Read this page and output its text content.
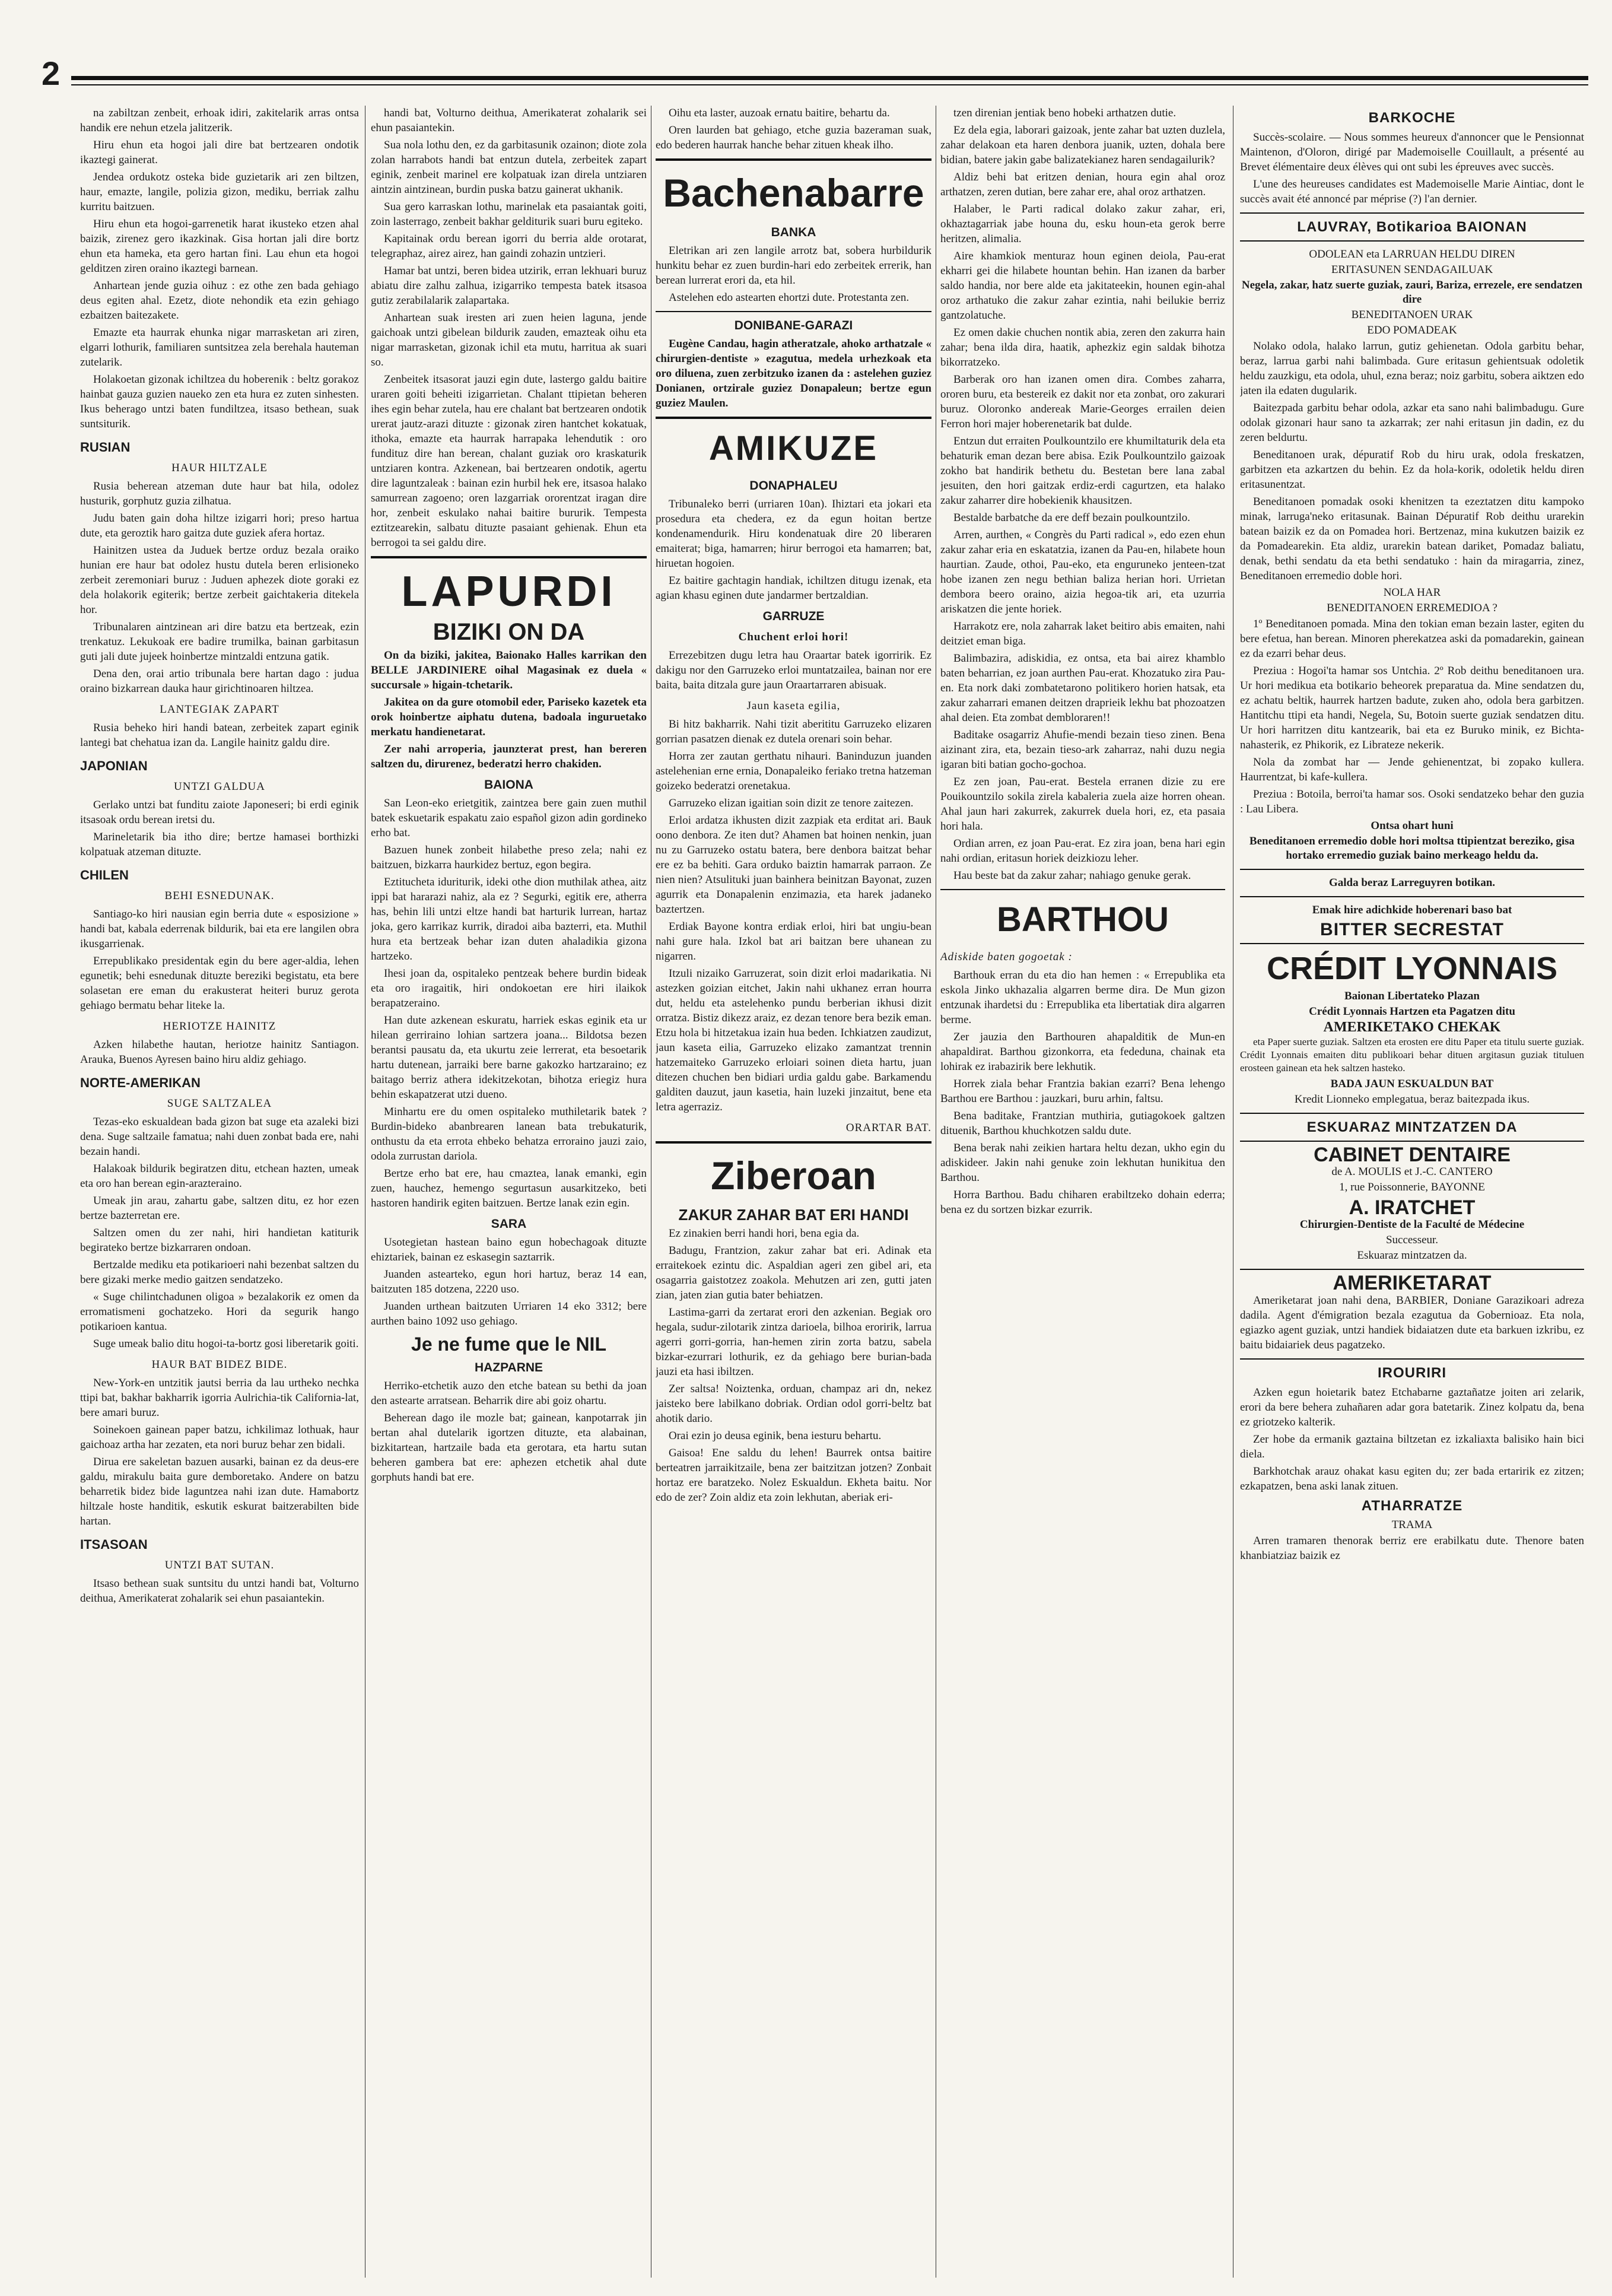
2

na zabiltzan zenbeit, erhoak idiri, zakitelarik arras ontsa handik ere nehun etzela jalitzerik.

Hiru ehun eta hogoi jali dire bat bertzearen ondotik ikaztegi gainerat.

Jendea ordukotz osteka bide guzietarik ari zen biltzen, haur, emazte, langile, polizia gizon, mediku, berriak zalhu kurritu baitzuen.

Hiru ehun eta hogoi-garrenetik harat ikusteko etzen ahal baizik, zirenez gero ikazkinak. Gisa hortan jali dire bortz ehun eta hameka, eta gero hartan fini. Lau ehun eta hogoi gelditzen ziren oraino ikaztegi barnean.

Anhartean jende guzia oihuz : ez othe zen bada gehiago deus egiten ahal. Ezetz, diote nehondik eta ezin gehiago ezbaitzen baitezakete.

Emazte eta haurrak ehunka nigar marrasketan ari ziren, elgarri lothurik, familiaren suntsitzea zela berehala hauteman zutelarik.

Holakoetan gizonak ichiltzea du hoberenik : beltz gorakoz hainbat gauza guzien naueko zen eta hura ez zuten sinhesten. Ikus beherago untzi baten fundiltzea, itsaso bethean, suak suntsiturik.

RUSIAN
HAUR HILTZALE

Rusia beherean atzeman dute haur bat hila, odolez husturik, gorphutz guzia zilhatua.

Judu baten gain doha hiltze izigarri hori; preso hartua dute, eta geroztik haro gaitza dute guziek afera hortaz.

Hainitzen ustea da Juduek bertze orduz bezala oraiko hunian ere haur bat odolez hustu dutela beren erlisioneko zerbeit zeremoniari buruz : Juduen aphezek diote goraki ez dela holakorik egiterik; bertze zerbeit gaichtakeria ditekela hor.

Tribunalaren aintzinean ari dire batzu eta bertzeak, ezin trenkatuz. Lekukoak ere badire trumilka, bainan garbitasun guti jali dute jujeek hoinbertze mintzaldi entzuna gatik.

Dena den, orai artio tribunala bere hartan dago : judua oraino bizkarrean dauka haur girichtinoaren hiltzea.

LANTEGIAK ZAPART

Rusia beheko hiri handi batean, zerbeitek zapart eginik lantegi bat chehatua izan da. Langile hainitz galdu dire.

JAPONIAN
UNTZI GALDUA

Gerlako untzi bat funditu zaiote Japoneseri; bi erdi eginik itsasoak ordu berean iretsi du.

Marineletarik bia itho dire; bertze hamasei borthizki kolpatuak atzeman dituzte.

CHILEN
BEHI ESNEDUNAK.

Santiago-ko hiri nausian egin berria dute « esposizione » handi bat, kabala ederrenak bildurik, bai eta ere langilen obra ikusgarrienak.

Errepublikako presidentak egin du bere ager-aldia, lehen egunetik; behi esnedunak dituzte bereziki begistatu, eta bere solasetan ere eman du erakusterat heiteri buruz gerota gehiago bermatu behar liteke la.

HERIOTZE HAINITZ

Azken hilabethe hautan, heriotze hainitz Santiagon. Arauka, Buenos Ayresen baino hiru aldiz gehiago.

NORTE-AMERIKAN
SUGE SALTZALEA

Tezas-eko eskualdean bada gizon bat suge eta azaleki bizi dena. Suge saltzaile famatua; nahi duen zonbat bada ere, nahi bezain handi.

Halakoak bildurik begiratzen ditu, etchean hazten, umeak eta oro han berean egin-arazteraino.

Umeak jin arau, zahartu gabe, saltzen ditu, ez hor ezen bertze bazterretan ere.

Saltzen omen du zer nahi, hiri handietan katiturik begirateko bertze bizkarraren ondoan.

Bertzalde mediku eta potikarioeri nahi bezenbat saltzen du bere gizaki merke medio gaitzen sendatzeko.

« Suge chilintchadunen oligoa » bezalakorik ez omen da erromatismeni gochatzeko. Hori da segurik hango potikarioen kantua.

Suge umeak balio ditu hogoi-ta-bortz gosi liberetarik goiti.

HAUR BAT BIDEZ BIDE.

New-York-en untzitik jautsi berria da lau urtheko nechka ttipi bat, bakhar bakharrik igorria Aulrichia-tik California-lat, bere amari buruz.

Soinekoen gainean paper batzu, ichkilimaz lothuak, haur gaichoaz artha har zezaten, eta nori buruz behar zen bidali.

Dirua ere sakeletan bazuen ausarki, bainan ez da deus-ere galdu, mirakulu baita gure demboretako. Andere on batzu beharretik bidez bide laguntzea nahi izan dute. Hamabortz hiltzale hoste handitik, eskutik eskurat baitzerabilten bide hartan.

ITSASOAN
UNTZI BAT SUTAN.

Itsaso bethean suak suntsitu du untzi handi bat, Volturno deithua, Amerikaterat zohalarik sei ehun pasaiantekin.

handi bat, Volturno deithua, Amerikaterat zohalarik sei ehun pasaiantekin.

Sua nola lothu den, ez da garbitasunik ozainon; diote zola zolan harrabots handi bat entzun dutela, zerbeitek zapart eginik, zenbeit marinel ere kolpatuak izan direla untziaren aintzin aintzinean, burdin puska batzu gainerat ukhanik.

Sua gero karraskan lothu, marinelak eta pasaiantak goiti, zoin lasterrago, zenbeit bakhar gelditurik suari buru egiteko.

Kapitainak ordu berean igorri du berria alde orotarat, telegraphaz, airez airez, han gaindi zohazin untzieri.

Hamar bat untzi, beren bidea utzirik, erran lekhuari buruz abiatu dire zalhu zalhua, izigarriko tempesta batek itsasoa gutiz zerabilalarik zalapartaka.

Anhartean suak iresten ari zuen heien laguna, jende gaichoak untzi gibelean bildurik zauden, emazteak oihu eta nigar marrasketan, gizonak ichil eta mutu, harritua ak suari so.

Zenbeitek itsasorat jauzi egin dute, lastergo galdu baitire uraren goiti beheiti izigarrietan. Chalant ttipietan beheren ihes egin behar zutela, hau ere chalant bat bertzearen ondotik urerat jautz-arazi dituzte : gizonak ziren hantchet kokatuak, ithoka, emazte eta haurrak harrapaka lehendutik : oro fundituz dire han berean, chalant guziak oro kraskaturik untziaren kontra. Azkenean, bai bertzearen ondotik, agertu dire laguntzaleak : bainan ezin hurbil hek ere, itsasoa halako samurrean zagoeno; oren lazgarriak ororentzat iragan dire hor, zenbeit eskulako nahai baitire bururik. Tempesta eztitzearekin, salbatu dituzte pasaiant gehienak. Ehun eta berrogoi ta sei galdu dire.

LAPURDI
BIZIKI ON DA

On da biziki, jakitea, Baionako Halles karrikan den BELLE JARDINIERE oihal Magasinak ez duela « succursale » higain-tchetarik.

Jakitea on da gure otomobil eder, Pariseko kazetek eta orok hoinbertze aiphatu dutena, badoala inguruetako merkatu handienetarat.

Zer nahi arroperia, jaunzterat prest, han bereren saltzen du, dirurenez, bederatzi herro chakiden.

BAIONA

San Leon-eko erietgitik, zaintzea bere gain zuen muthil batek eskuetarik espakatu zaio español gizon adin gordineko erho bat.

Bazuen hunek zonbeit hilabethe preso zela; nahi ez baitzuen, bizkarra haurkidez bertuz, egon begira.

Eztitucheta iduriturik, ideki othe dion muthilak athea, aitz ippi bat hararazi nahiz, ala ez ? Segurki, egitik ere, atherra has, behin lili untzi eltze handi bat harturik lurrean, hartaz joka, gero karrikaz kurrik, diradoi aiba bazterri, eta. Muthil hura eta bertzeak behar izan duten ahaladikia gizona hartzeko.

Ihesi joan da, ospitaleko pentzeak behere burdin bideak eta oro iragaitik, hiri ondokoetan ere hiri ilaikok berapatzeraino.

Han dute azkenean eskuratu, harriek eskas eginik eta ur hilean gerriraino lohian sartzera joana... Bildotsa bezen berantsi pausatu da, eta ukurtu zeie lerrerat, eta besoetarik hartu dutenean, jarraiki bere barne gakozko hartzaraino; ez baitago berriz athera idekitzekotan, bihotza eriegiz hura behin eskapatzerat utzi dueno.

Minhartu ere du omen ospitaleko muthiletarik batek ? Burdin-bideko abanbrearen lanean bata trebukaturik, onthustu da eta errota ehbeko behatza erroraino jauzi zaio, odola zurrustan dariola.

Bertze erho bat ere, hau cmaztea, lanak emanki, egin zuen, hauchez, hemengo segurtasun ausarkitzeko, beti hastoren handirik egiten baitzuen. Bertze lanak ezin egin.

SARA

Usotegietan hastean baino egun hobechagoak dituzte ehiztariek, bainan ez eskasegin saztarrik.

Juanden astearteko, egun hori hartuz, beraz 14 ean, baitzuten 185 dotzena, 2220 uso.

Juanden urthean baitzuten Urriaren 14 eko 3312; bere aurthen baino 1092 uso gehiago.

Je ne fume que le NIL
HAZPARNE

Herriko-etchetik auzo den etche batean su bethi da joan den astearte arratsean. Beharrik dire abi goiz ohartu.

Beherean dago ile mozle bat; gainean, kanpotarrak jin bertan ahal dutelarik igortzen dituzte, eta alabainan, bizkitartean, hartzaile bada eta gerotara, eta hartu sutan beheren gambera bat ere: aphezen etchetik ahal dute gorphuts handi bat ere.

Oihu eta laster, auzoak ernatu baitire, behartu da.

Oren laurden bat gehiago, etche guzia bazeraman suak, edo bederen haurrak hanche behar zituen kheak ilho.

Bachenabarre
BANKA

Eletrikan ari zen langile arrotz bat, sobera hurbildurik hunkitu behar ez zuen burdin-hari edo zerbeitek errerik, han berean lurrerat erori da, eta hil.

Astelehen edo astearten ehortzi dute. Protestanta zen.

DONIBANE-GARAZI

Eugène Candau, hagin atheratzale, ahoko arthatzale « chirurgien-dentiste » ezagutua, medela urhezkoak eta oro diluena, zuen zerbitzuko izanen da : astelehen guziez Donianen, ortzirale guziez Donapaleun; bertze egun guziez Maulen.

AMIKUZE
DONAPHALEU

Tribunaleko berri (urriaren 10an). Ihiztari eta jokari eta prosedura eta chedera, ez da egun hoitan bertze kondenamendurik. Hiru kondenatuak dire 20 liberaren emaiterat; biga, hamarren; hirur berrogoi eta hamarren; bat, hiruetan hogoien.

Ez baitire gachtagin handiak, ichiltzen ditugu izenak, eta agian khasu eginen dute jandarmer bertzaldian.

GARRUZE
Chuchent erloi hori!

Errezebitzen dugu letra hau Oraartar batek igorririk. Ez dakigu nor den Garruzeko erloi muntatzailea, bainan nor ere baita, baita ditzala gure jaun Oraartarraren abisuak.

Jaun kaseta egilia,

Bi hitz bakharrik. Nahi tizit aberititu Garruzeko elizaren gorrian pasatzen dienak ez dutela orenari soin behar.

Horra zer zautan gerthatu nihauri. Baninduzun juanden astelehenian erne ernia, Donapaleiko feriako tretna hatzeman goizeko bederatzi orenetakua.

Garruzeko elizan igaitian soin dizit ze tenore zaitezen.

Erloi ardatza ikhusten dizit zazpiak eta erditat ari. Bauk oono denbora. Ze iten dut? Ahamen bat hoinen nenkin, juan nu zu Garruzeko ostatu batera, bere denbora baitzat behar ere ez ba behiti. Gara orduko baiztin hamarrak parraon. Ze nien nien? Atsulituki juan bainhera beinitzan Bayonat, zuzen agurrik eta Donapalenin enzimazia, eta harek jadaneko baztertzen.

Erdiak Bayone kontra erdiak erloi, hiri bat ungiu-bean nahi gure hala. Izkol bat ari baitzan bere uhanean zu nigarren.

Itzuli nizaiko Garruzerat, soin dizit erloi madarikatia. Ni astezken goizian eitchet, Jakin nahi ukhanez erran hourra dut, heldu eta astelehenko pundu berberian ikhusi dizit orratza. Bistiz dikezz araiz, ez dezan tenore bera bezik eman. Etzu hola bi hitzetakua izain hua beden. Ichkiatzen zaudizut, jaun kaseta eilia, Garruzeko elizako zamantzat trennin hatzemaiteko Garruzeko erloiari soinen dieta hartu, juan ditezen chuchen ben bidiari urdia galdu gabe. Barkamendu galditen dauzut, jaun kasetia, hain luzeki jinzaitut, bene eta letra agerraziz.

ORARTAR BAT.
Ziberoan
ZAKUR ZAHAR BAT ERI HANDI

Ez zinakien berri handi hori, bena egia da.

Badugu, Frantzion, zakur zahar bat eri. Adinak eta erraitekoek ezintu dic. Aspaldian ageri zen gibel ari, eta osagarria gaistotzez zoakola. Mehutzen ari zen, gutti jaten zian, jaten zian gutia bater behiatzen.

Lastima-garri da zertarat erori den azkenian. Begiak oro hegala, sudur-zilotarik zintza darioela, bilhoa eroririk, larrua agerri gorri-gorria, han-hemen zirin zorta batzu, sabela bizkar-ezurrari lothurik, ez da gehiago bere burian-bada jauzi eta hasi ibiltzen.

Zer saltsa! Noiztenka, orduan, champaz ari dn, nekez jaisteko bere labilkano dobriak. Ordian odol gorri-beltz bat ahotik dario.

Orai ezin jo deusa eginik, bena iesturu behartu.

Gaisoa! Ene saldu du lehen! Baurrek ontsa baitire berteatren jarraikitzaile, bena zer baitzitzan jotzen? Zonbait hortaz ere baratzeko. Nolez Eskualdun. Ekheta baitu. Nor edo de zer? Zoin aldiz eta zoin lekhutan, aberiak eri-

tzen direnian jentiak beno hobeki arthatzen dutie.

Ez dela egia, laborari gaizoak, jente zahar bat uzten duzlela, zahar delakoan eta haren denbora juanik, uzten, dohala bere bidian, batere jakin gabe balizatekianez haren sendagailurik?

Aldiz behi bat eritzen denian, houra egin ahal oroz arthatzen, zeren dutian, bere zahar ere, ahal oroz arthatzen.

Halaber, le Parti radical dolako zakur zahar, eri, okhaztagarriak jabe houna du, esku houn-eta gerok berre heritzen, alimalia.

Aire khamkiok menturaz houn eginen deiola, Pau-erat ekharri gei die hilabete hountan behin. Han izanen da barber saldo handia, nor bere alde eta jakitateekin, hounen egin-ahal oroz arthatuko die zakur zahar ezintia, nahi beilukie berriz gantzolatuche.

Ez omen dakie chuchen nontik abia, zeren den zakurra hain zahar; bena ilda dira, haatik, aphezkiz egin saldak bihotza bikorratzeko.

Barberak oro han izanen omen dira. Combes zaharra, ororen buru, eta bestereik ez dakit nor eta zonbat, oro zakurari buruz. Oloronko andereak Marie-Georges errailen deien Ferron hori majer hoberenetarik bat dulde.

Entzun dut erraiten Poulkountzilo ere khumiltaturik dela eta behaturik eman dezan bere abisa. Ezik Poulkountzilo gaizoak zokho bat handirik bethetu du. Bestetan bere lana zabal jesuiten, den hori gaitzak erdiz-erdi cagurtzen, eta halako zakur zaharrer dire hobekienik khausitzen.

Bestalde barbatche da ere deff bezain poulkountzilo.

Arren, aurthen, « Congrès du Parti radical », edo ezen ehun zakur zahar eria en eskatatzia, izanen da Pau-en, hilabete houn haurtian. Zaude, othoi, Pau-eko, eta enguruneko jenteen-tzat hobe izanen zen negu bethian baliza herian hori. Urrietan dembora beero oraino, aizia hegoa-tik ari, eta uzurria ariskatzen die jente horiek.

Harrakotz ere, nola zaharrak laket beitiro abis emaiten, nahi deitziet eman biga.

Balimbazira, adiskidia, ez ontsa, eta bai airez khamblo baten beharrian, ez joan aurthen Pau-erat. Khozatuko zira Pau-en. Eta nork daki zombatetarono politikero horien hatsak, eta zakur zaharrari emanen deitzen draprieik lekhu bat phozoatzen ahal deien. Eta zombat dembloraren!!

Baditake osagarriz Ahufie-mendi bezain tieso zinen. Bena aizinant zira, eta, bezain tieso-ark zaharraz, nahi duzu negia igaran biti batian gocho-gochoa.

Ez zen joan, Pau-erat. Bestela erranen dizie zu ere Pouikountzilo sokila zirela kabaleria zuela aize horren ohean. Ahal jaun hari zakurrek, zakurrek duela hori, ez, eta pasaia hori hala.

Ordian arren, ez joan Pau-erat. Ez zira joan, bena hari egin nahi ordian, eritasun horiek deizkiozu leher.

Hau beste bat da zakur zahar; nahiago genuke gerak.

BARTHOU
Adiskide baten gogoetak :

Barthouk erran du eta dio han hemen : « Errepublika eta eskola Jinko ukhazalia algarren berme dira. De Mun gizon entzunak ihardetsi du : Errepublika eta libertatiak dira algarren berme.

Zer jauzia den Barthouren ahapalditik de Mun-en ahapaldirat. Barthou gizonkorra, eta fededuna, chainak eta lohirak ez irabazirik bere lekhutik.

Horrek ziala behar Frantzia bakian ezarri? Bena lehengo Barthou ere Barthou : jauzkari, buru arhin, faltsu.

Bena baditake, Frantzian muthiria, gutiagokoek galtzen dituenik, Barthou khuchkotzen saldu dute.

Bena berak nahi zeikien hartara heltu dezan, ukho egin du adiskideer. Jakin nahi genuke zoin lekhutan hunikitua den Barthou.

Horra Barthou. Badu chiharen erabiltzeko dohain ederra; bena ez du sortzen bizkar ezurrik.

BARKOCHE

Succès-scolaire. — Nous sommes heureux d'annoncer que le Pensionnat Maintenon, d'Oloron, dirigé par Mademoiselle Couillault, a présenté au Brevet élémentaire deux élèves qui ont subi les épreuves avec succès.

L'une des heureuses candidates est Mademoiselle Marie Aintiac, dont le succès avait été annoncé par méprise (?) l'an dernier.

LAUVRAY, Botikarioa BAIONAN
ODOLEAN eta LARRUAN HELDU DIREN
ERITASUNEN SENDAGAILUAK
Negela, zakar, hatz suerte guziak, zauri, Bariza, errezele, ere sendatzen dire
BENEDITANOEN URAK
EDO POMADEAK

Nolako odola, halako larrun, gutiz gehienetan. Odola garbitu behar, beraz, larrua garbi nahi balimbada. Gure eritasun gehientsuak odoletik heldu zauzkigu, eta odola, uhul, ezna beraz; noiz garbitu, sobera aiktzen edo jaten ila edaten dugularik.

Baitezpada garbitu behar odola, azkar eta sano nahi balimbadugu. Gure odolak gizonari haur sano ta azkarrak; zer nahi eritasun jin dadin, ez du zeren beldurtu.

Beneditanoen urak, dépuratif Rob du hiru urak, odola freskatzen, garbitzen eta azkartzen du behin. Ez da hola-korik, odoletik heldu diren eritasunentzat.

Beneditanoen pomadak osoki khenitzen ta ezeztatzen ditu kampoko minak, larruga'neko eritasunak. Bainan Dépuratif Rob deithu urarekin batean baizik ez da on Pomadea hori. Bertzenaz, mina kukutzen baizik ez da Pomadearekin. Eta aldiz, urarekin batean dariket, Pomadaz baliatu, denak, bethi sendatu da eta bethi sendatuko : hain da miragarria, zinez, Beneditanoen erremedio doble hori.

NOLA HAR
BENEDITANOEN ERREMEDIOA ?

1º Beneditanoen pomada. Mina den tokian eman bezain laster, egiten du bere efetua, han berean. Minoren pherekatzea aski da pomadarekin, gainean ez da ezarri behar deus.

Preziua : Hogoi'ta hamar sos Untchia. 2º Rob deithu beneditanoen ura. Ur hori medikua eta botikario beheorek preparatua da. Mine sendatzen du, ez achatu beltik, haurrek hartzen badute, zuken aho, odola bera garbitzen. Hantitchu ttipi eta handi, Negela, Su, Botoin suerte guziak sendatzen ditu. Ur hori harritzen ditu kantzearik, bai eta ez Buruko minik, ez Bichta-nahasterik, ez Phikorik, ez Librateze nekerik.

Nola da zombat har — Jende gehienentzat, bi zopako kullera. Haurrentzat, bi kafe-kullera.

Preziua : Botoila, berroi'ta hamar sos. Osoki sendatzeko behar den guzia : Lau Libera.

Ontsa ohart huni
Beneditanoen erremedio doble hori moltsa ttipientzat bereziko, gisa hortako erremedio guziak baino merkeago heldu da.
Galda beraz Larreguyren botikan.
Emak hire adichkide hoberenari baso bat
BITTER SECRESTAT
CRÉDIT LYONNAIS
Baionan Libertateko Plazan
Crédit Lyonnais Hartzen eta Pagatzen ditu
AMERIKETAKO CHEKAK

eta Paper suerte guziak. Saltzen eta erosten ere ditu Paper eta titulu suerte guziak. Crédit Lyonnais emaiten ditu publikoari behar dituen argitasun guziak tituluen erosteen gainean eta hek saltzen hasteko.

BADA JAUN ESKUALDUN BAT
Kredit Lionneko emplegatua, beraz baitezpada ikus.
ESKUARAZ MINTZATZEN DA
CABINET DENTAIRE
de A. MOULIS et J.-C. CANTERO
1, rue Poissonnerie, BAYONNE
A. IRATCHET
Chirurgien-Dentiste de la Faculté de Médecine
Successeur.
Eskuaraz mintzatzen da.
AMERIKETARAT

Ameriketarat joan nahi dena, BARBIER, Doniane Garazikoari adreza dadila. Agent d'émigration bezala ezagutua da Gobernioaz. Eta nola, egiazko agent guziak, untzi handiek bidaiatzen dute eta barkuen izkribu, ez baitu bidaiariek deus pagatzeko.

IROURIRI

Azken egun hoietarik batez Etchabarne gaztañatze joiten ari zelarik, erori da bere behera zuhañaren adar gora batetarik. Zinez kolpatu da, bena ez griotzeko kalterik.

Zer hobe da ermanik gaztaina biltzetan ez izkaliaxta balisiko hain bici diela.

Barkhotchak arauz ohakat kasu egiten du; zer bada ertaririk ez zitzen; ezkapatzen, bena aski lanak zituen.

ATHARRATZE
TRAMA

Arren tramaren thenorak berriz ere erabilkatu dute. Thenore baten khanbiatziaz baizik ez
